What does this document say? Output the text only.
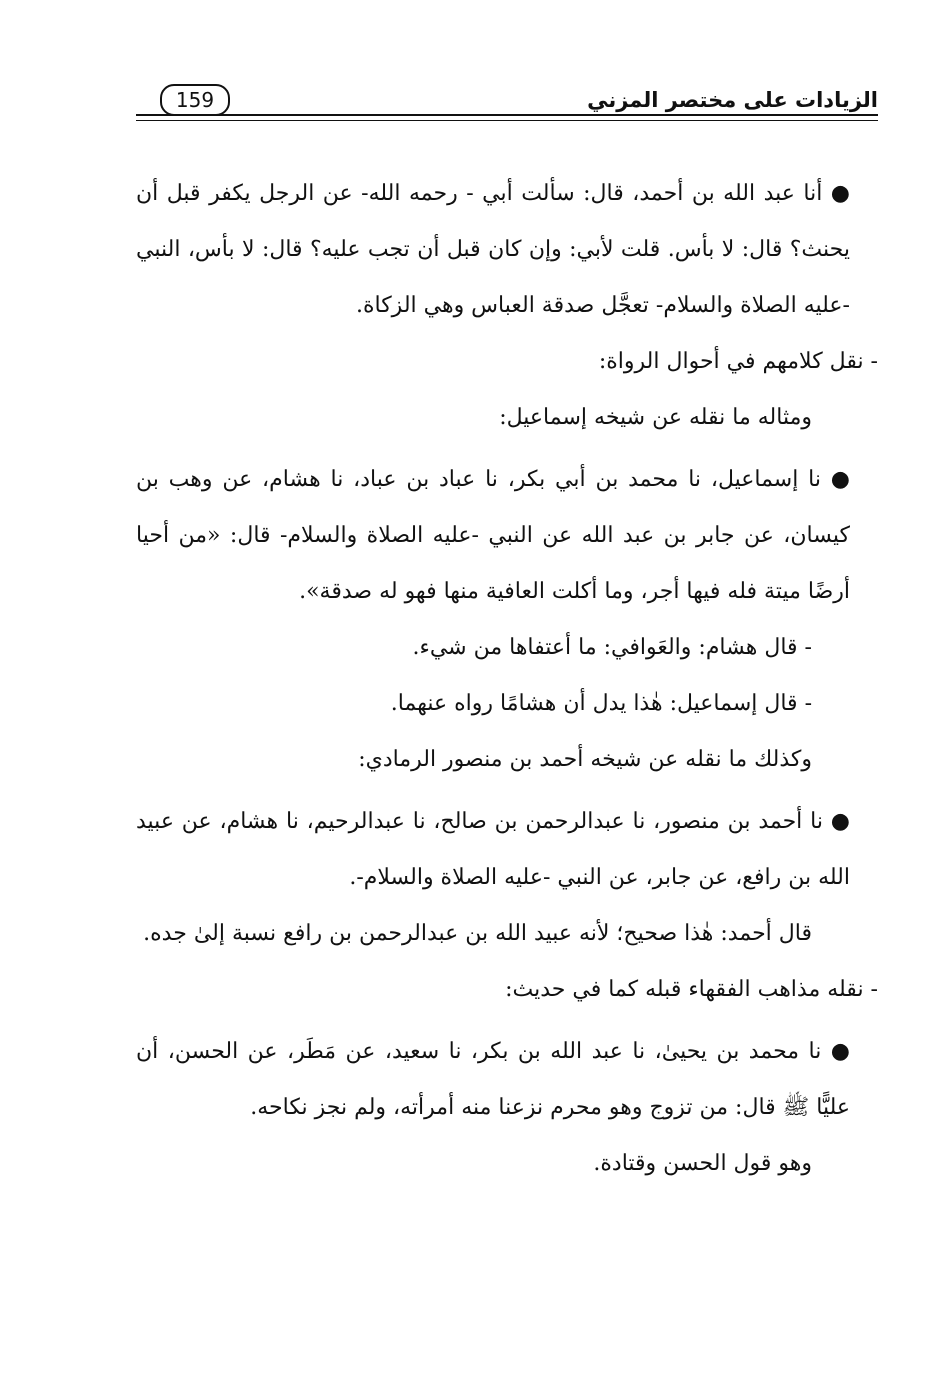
الزيادات على مختصر المزني
159

● أنا عبد الله بن أحمد، قال: سألت أبي - رحمه الله- عن الرجل يكفر قبل أن يحنث؟ قال: لا بأس. قلت لأبي: وإن كان قبل أن تجب عليه؟ قال: لا بأس، النبي -عليه الصلاة والسلام- تعجَّل صدقة العباس وهي الزكاة.

- نقل كلامهم في أحوال الرواة:

ومثاله ما نقله عن شيخه إسماعيل:

● نا إسماعيل، نا محمد بن أبي بكر، نا عباد بن عباد، نا هشام، عن وهب بن كيسان، عن جابر بن عبد الله عن النبي -عليه الصلاة والسلام- قال: «من أحيا أرضًا ميتة فله فيها أجر، وما أكلت العافية منها فهو له صدقة».

- قال هشام: والعَوافي: ما أعتفاها من شيء.

- قال إسماعيل: هٰذا يدل أن هشامًا رواه عنهما.

وكذلك ما نقله عن شيخه أحمد بن منصور الرمادي:

● نا أحمد بن منصور، نا عبدالرحمن بن صالح، نا عبدالرحيم، نا هشام، عن عبيد الله بن رافع، عن جابر، عن النبي -عليه الصلاة والسلام-.

قال أحمد: هٰذا صحيح؛ لأنه عبيد الله بن عبدالرحمن بن رافع نسبة إلىٰ جده.

- نقله مذاهب الفقهاء قبله كما في حديث:

● نا محمد بن يحيىٰ، نا عبد الله بن بكر، نا سعيد، عن مَطَر، عن الحسن، أن عليًّا ﷺ قال: من تزوج وهو محرم نزعنا منه أمرأته، ولم نجز نكاحه.

وهو قول الحسن وقتادة.
